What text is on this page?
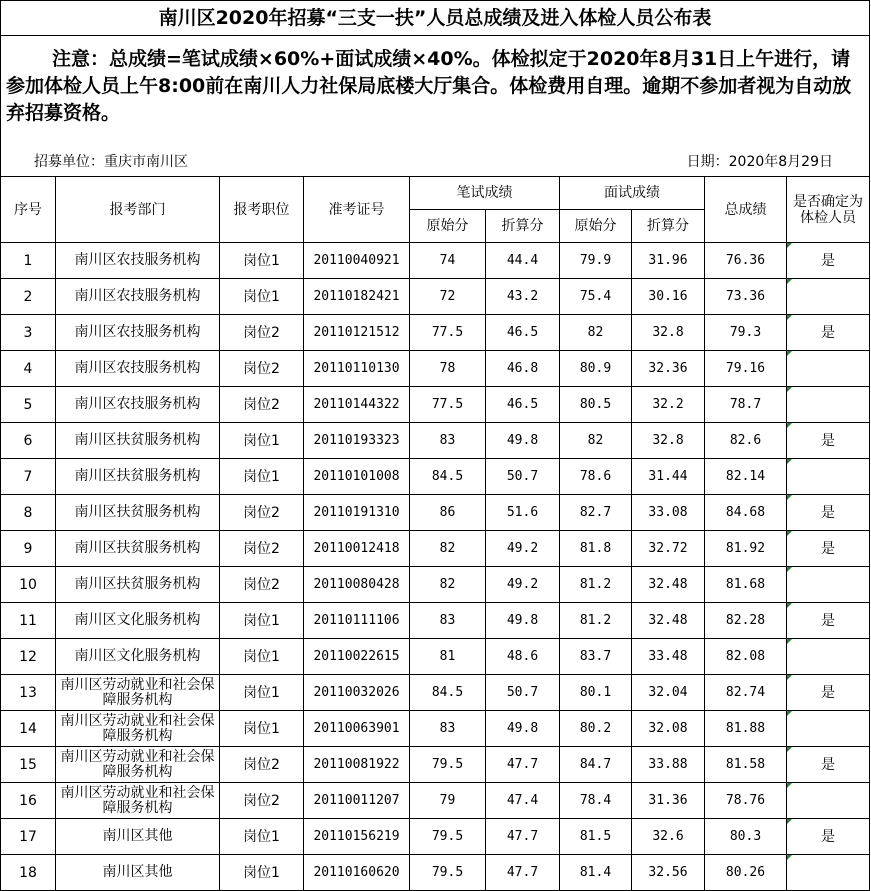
南川区2020年招募“三支一扶”人员总成绩及进入体检人员公布表
注意：总成绩=笔试成绩×60%+面试成绩×40%。体检拟定于2020年8月31日上午进行，请参加体检人员上午8:00前在南川人力社保局底楼大厅集合。体检费用自理。逾期不参加者视为自动放弃招募资格。
招募单位：重庆市南川区	日期：2020年8月29日
序号	报考部门	报考职位	准考证号	笔试成绩		面试成绩		总成绩	是否确定为体检人员
				原始分	折算分	原始分	折算分		
1	南川区农技服务机构	岗位1	20110040921	74	44.4	79.9	31.96	76.36	是

2	南川区农技服务机构	岗位1	20110182421	72	43.2	75.4	30.16	73.36	

3	南川区农技服务机构	岗位2	20110121512	77.5	46.5	82	32.8	79.3	是

4	南川区农技服务机构	岗位2	20110110130	78	46.8	80.9	32.36	79.16	

5	南川区农技服务机构	岗位2	20110144322	77.5	46.5	80.5	32.2	78.7	

6	南川区扶贫服务机构	岗位1	20110193323	83	49.8	82	32.8	82.6	是

7	南川区扶贫服务机构	岗位1	20110101008	84.5	50.7	78.6	31.44	82.14	

8	南川区扶贫服务机构	岗位2	20110191310	86	51.6	82.7	33.08	84.68	是

9	南川区扶贫服务机构	岗位2	20110012418	82	49.2	81.8	32.72	81.92	是

10	南川区扶贫服务机构	岗位2	20110080428	82	49.2	81.2	32.48	81.68	

11	南川区文化服务机构	岗位1	20110111106	83	49.8	81.2	32.48	82.28	是

12	南川区文化服务机构	岗位1	20110022615	81	48.6	83.7	33.48	82.08	

13	南川区劳动就业和社会保障服务机构	岗位1	20110032026	84.5	50.7	80.1	32.04	82.74	是

14	南川区劳动就业和社会保障服务机构	岗位1	20110063901	83	49.8	80.2	32.08	81.88	

15	南川区劳动就业和社会保障服务机构	岗位2	20110081922	79.5	47.7	84.7	33.88	81.58	是

16	南川区劳动就业和社会保障服务机构	岗位2	20110011207	79	47.4	78.4	31.36	78.76	

17	南川区其他	岗位1	20110156219	79.5	47.7	81.5	32.6	80.3	是

18	南川区其他	岗位1	20110160620	79.5	47.7	81.4	32.56	80.26	
